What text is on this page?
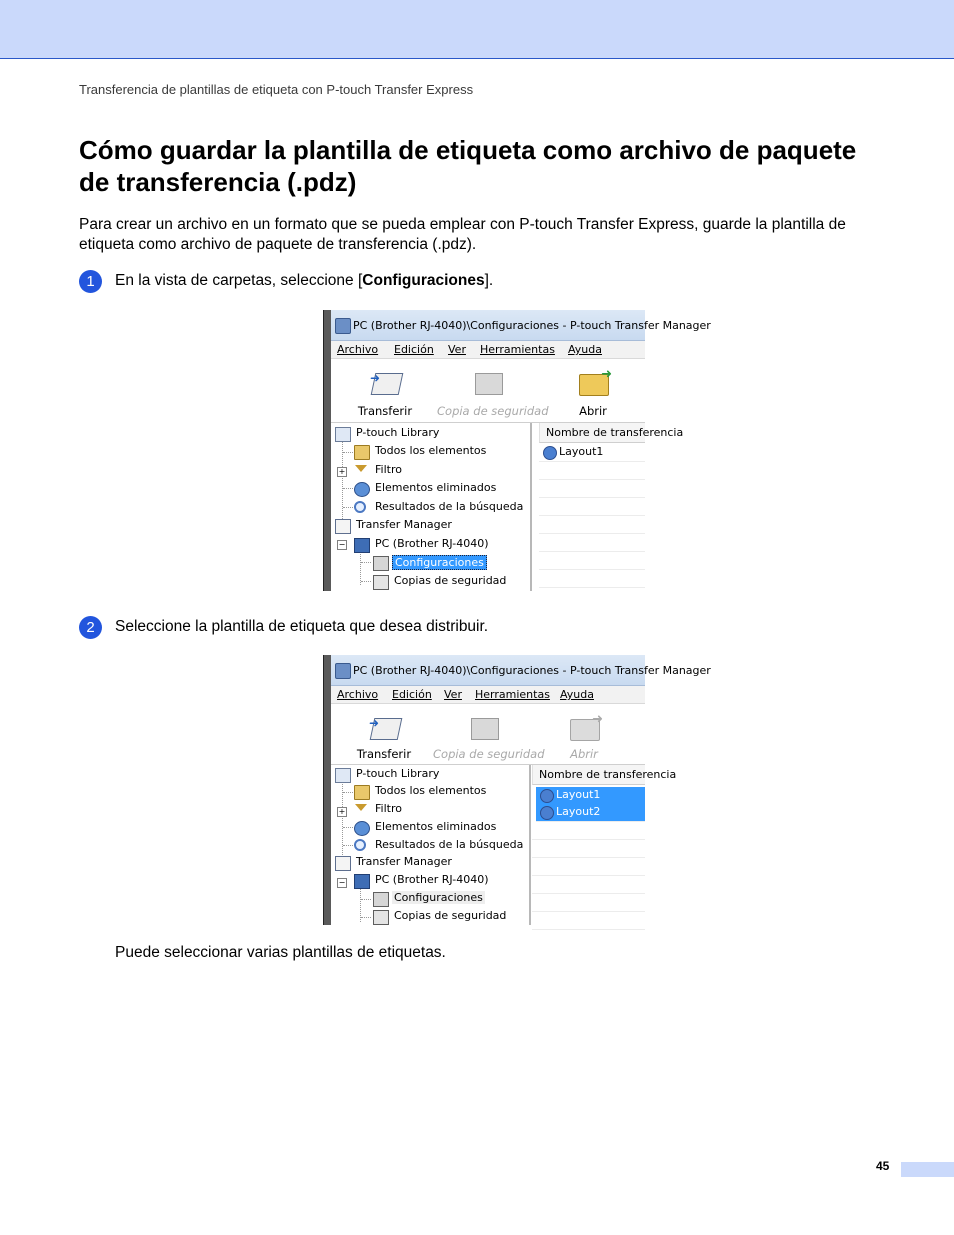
Transferencia de plantillas de etiqueta con P-touch Transfer Express
Cómo guardar la plantilla de etiqueta como archivo de paquete de transferencia (.pdz)

Para crear un archivo en un formato que se pueda emplear con P-touch Transfer Express, guarde la plantilla de etiqueta como archivo de paquete de transferencia (.pdz).

1	En la vista de carpetas, seleccione [Configuraciones].
PC (Brother RJ-4040)\Configuraciones - P-touch Transfer Manager
Archivo Edición Ver Herramientas Ayuda
➜
Transferir	Copia de seguridad
➜
Abrir
+
−
P-touch Library
Todos los elementos
Filtro
Elementos eliminados
Resultados de la búsqueda
Transfer Manager
PC (Brother RJ-4040)
Configuraciones
Copias de seguridad
Nombre de transferencia
Layout1
2	Seleccione la plantilla de etiqueta que desea distribuir.
PC (Brother RJ-4040)\Configuraciones - P-touch Transfer Manager
Archivo Edición Ver Herramientas Ayuda
➜
Transferir	Copia de seguridad
➜
Abrir
+
−
P-touch Library
Todos los elementos
Filtro
Elementos eliminados
Resultados de la búsqueda
Transfer Manager
PC (Brother RJ-4040)
Configuraciones
Copias de seguridad
Nombre de transferencia
Layout1
Layout2
Puede seleccionar varias plantillas de etiquetas.
45
